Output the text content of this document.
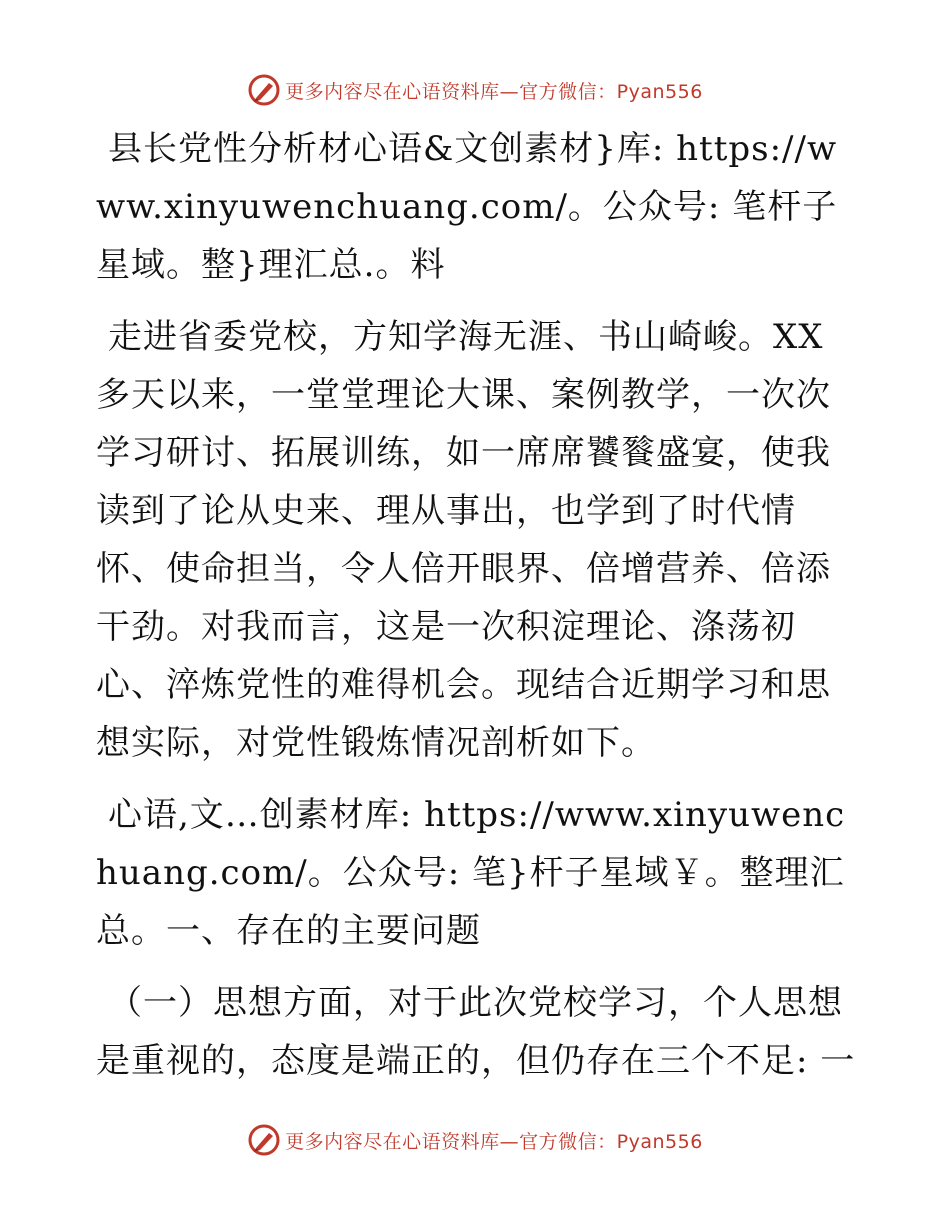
更多内容尽在心语资料库—官方微信：Pyan556

县长党性分析材心语&文创素材}库: https://www.xinyuwenchuang.com/。公众号: 笔杆子星域。整}理汇总.。料

走进省委党校，方知学海无涯、书山崎峻。XX多天以来，一堂堂理论大课、案例教学，一次次学习研讨、拓展训练，如一席席饕餮盛宴，使我读到了论从史来、理从事出，也学到了时代情怀、使命担当，令人倍开眼界、倍增营养、倍添干劲。对我而言，这是一次积淀理论、涤荡初心、淬炼党性的难得机会。现结合近期学习和思想实际，对党性锻炼情况剖析如下。

心语,文…创素材库: https://www.xinyuwenchuang.com/。公众号: 笔}杆子星域￥。整理汇总。一、存在的主要问题

（一）思想方面，对于此次党校学习，个人思想是重视的，态度是端正的，但仍存在三个不足: 一

更多内容尽在心语资料库—官方微信：Pyan556
